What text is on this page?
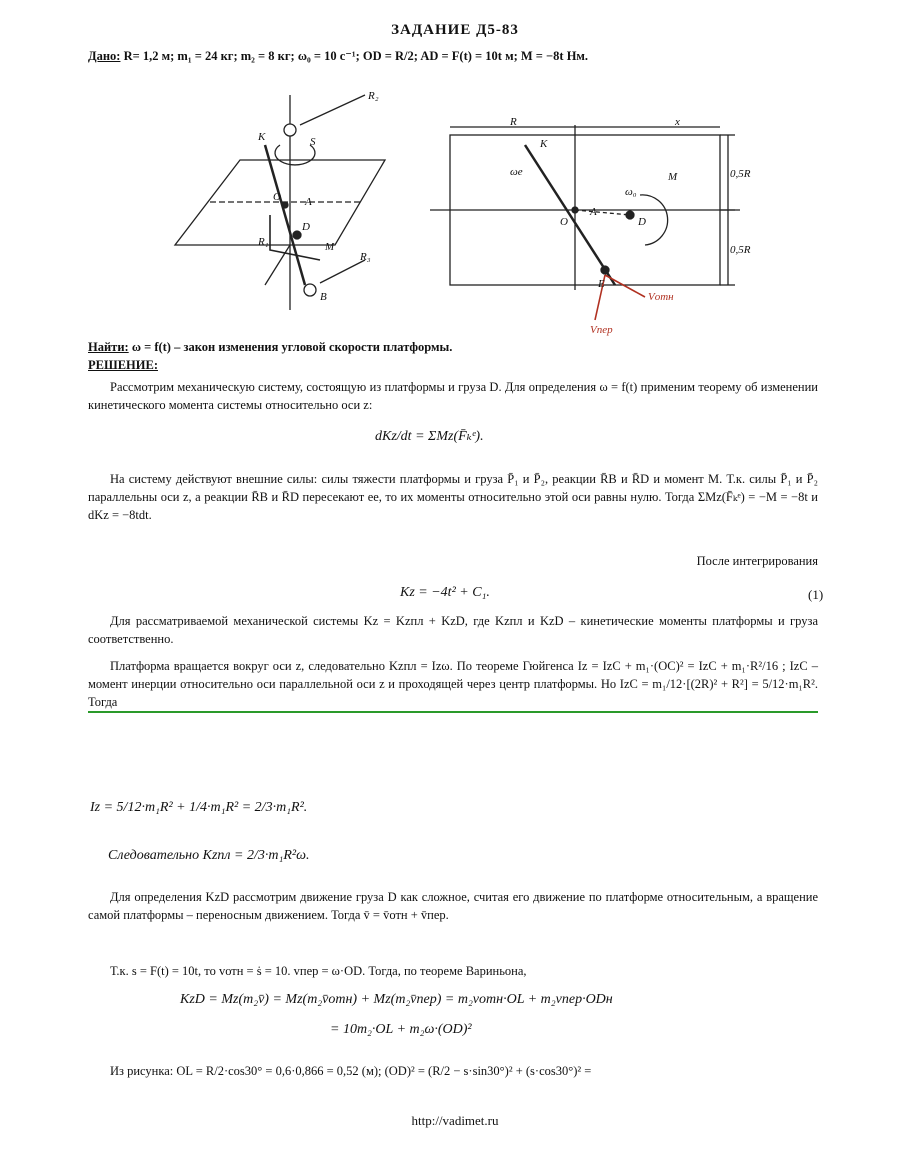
ЗАДАНИЕ Д5-83
Дано: R= 1,2 м; m₁ = 24 кг; m₂ = 8 кг; ω₀ = 10 с⁻¹; OD = R/2; AD = F(t) = 10t м; M = −8t Нм.
R₂
R₁
R₃
K
O
D
A
B
S
M
K
ωe
ω₀
O	D
A
E
M
Vотн
Vпер
0,5R
0,5R
R	x
Найти: ω = f(t) – закон изменения угловой скорости платформы.
РЕШЕНИЕ:
Рассмотрим механическую систему, состоящую из платформы и груза D. Для определения ω = f(t) применим теорему об изменении кинетического момента системы относительно оси z:
dKz/dt = ΣMz(F̄ₖᵉ).
На систему действуют внешние силы: силы тяжести платформы и груза P̄₁ и P̄₂, реакции R̄B и R̄D и момент M. Т.к. силы P̄₁ и P̄₂ параллельны оси z, а реакции R̄B и R̄D пересекают ее, то их моменты относительно этой оси равны нулю. Тогда ΣMz(F̄ₖᵉ) = −M = −8t и dKz = −8tdt.
После интегрирования
Kz = −4t² + C₁.	(1)
Для рассматриваемой механической системы Kz = Kzпл + KzD, где Kzпл и KzD – кинетические моменты платформы и груза соответственно.
Платформа вращается вокруг оси z, следовательно Kzпл = Izω. По теореме Гюйгенса Iz = IzC + m₁·(OC)² = IzC + m₁·R²/16 ; IzC – момент инерции относительно оси параллельной оси z и проходящей через центр платформы. Но IzC = m₁/12·[(2R)² + R²] = 5/12·m₁R². Тогда
Iz = 5/12·m₁R² + 1/4·m₁R² = 2/3·m₁R².
Следовательно Kzпл = 2/3·m₁R²ω.
Для определения KzD рассмотрим движение груза D как сложное, считая его движение по платформе относительным, а вращение самой платформы – переносным движением. Тогда v̄ = v̄отн + v̄пер.
Т.к. s = F(t) = 10t, то vотн = ṡ = 10. vпер = ω·OD. Тогда, по теореме Вариньона,
KzD = Mz(m₂v̄) = Mz(m₂v̄отн) + Mz(m₂v̄пер) = m₂vотн·OL + m₂vпер·ODн
= 10m₂·OL + m₂ω·(OD)²
Из рисунка: OL = R/2·cos30° = 0,6·0,866 = 0,52 (м); (OD)² = (R/2 − s·sin30°)² + (s·cos30°)² =
http://vadimet.ru
